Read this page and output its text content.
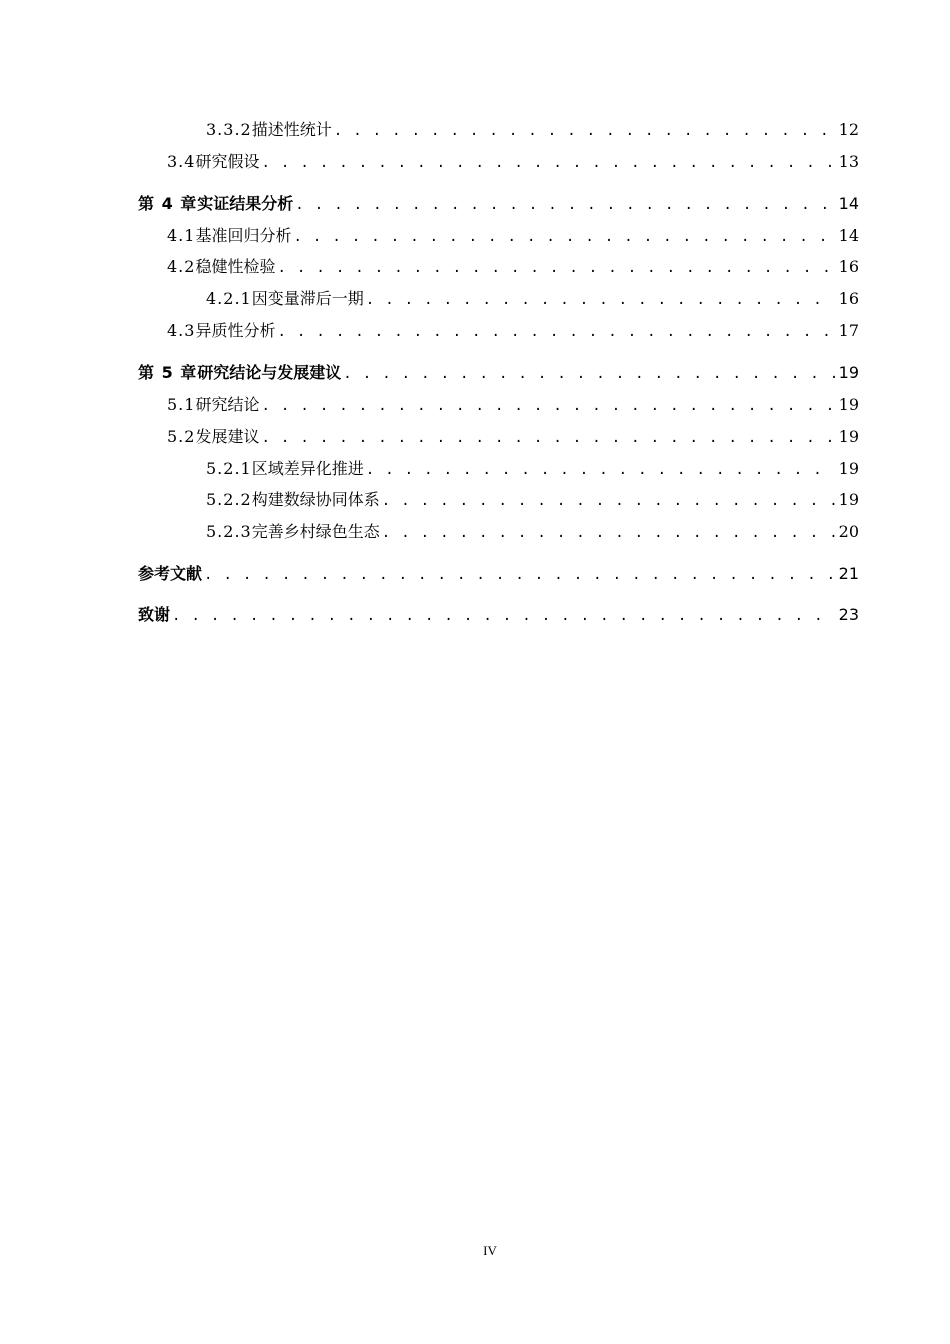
3.3.2 描述性统计 . . .	12
3.4 研究假设 . . .	13
第 4 章 实证结果分析 . . .	14
4.1 基准回归分析 . . .	14
4.2 稳健性检验 . . .	16
4.2.1 因变量滞后一期 . . .	16
4.3 异质性分析 . . .	17
第 5 章 研究结论与发展建议 . . .	19
5.1 研究结论 . . .	19
5.2 发展建议 . . .	19
5.2.1 区域差异化推进 . . .	19
5.2.2 构建数绿协同体系 . . .	19
5.2.3 完善乡村绿色生态 . . .	20
参考文献 . . .	21
致谢 . . .	23
IV
